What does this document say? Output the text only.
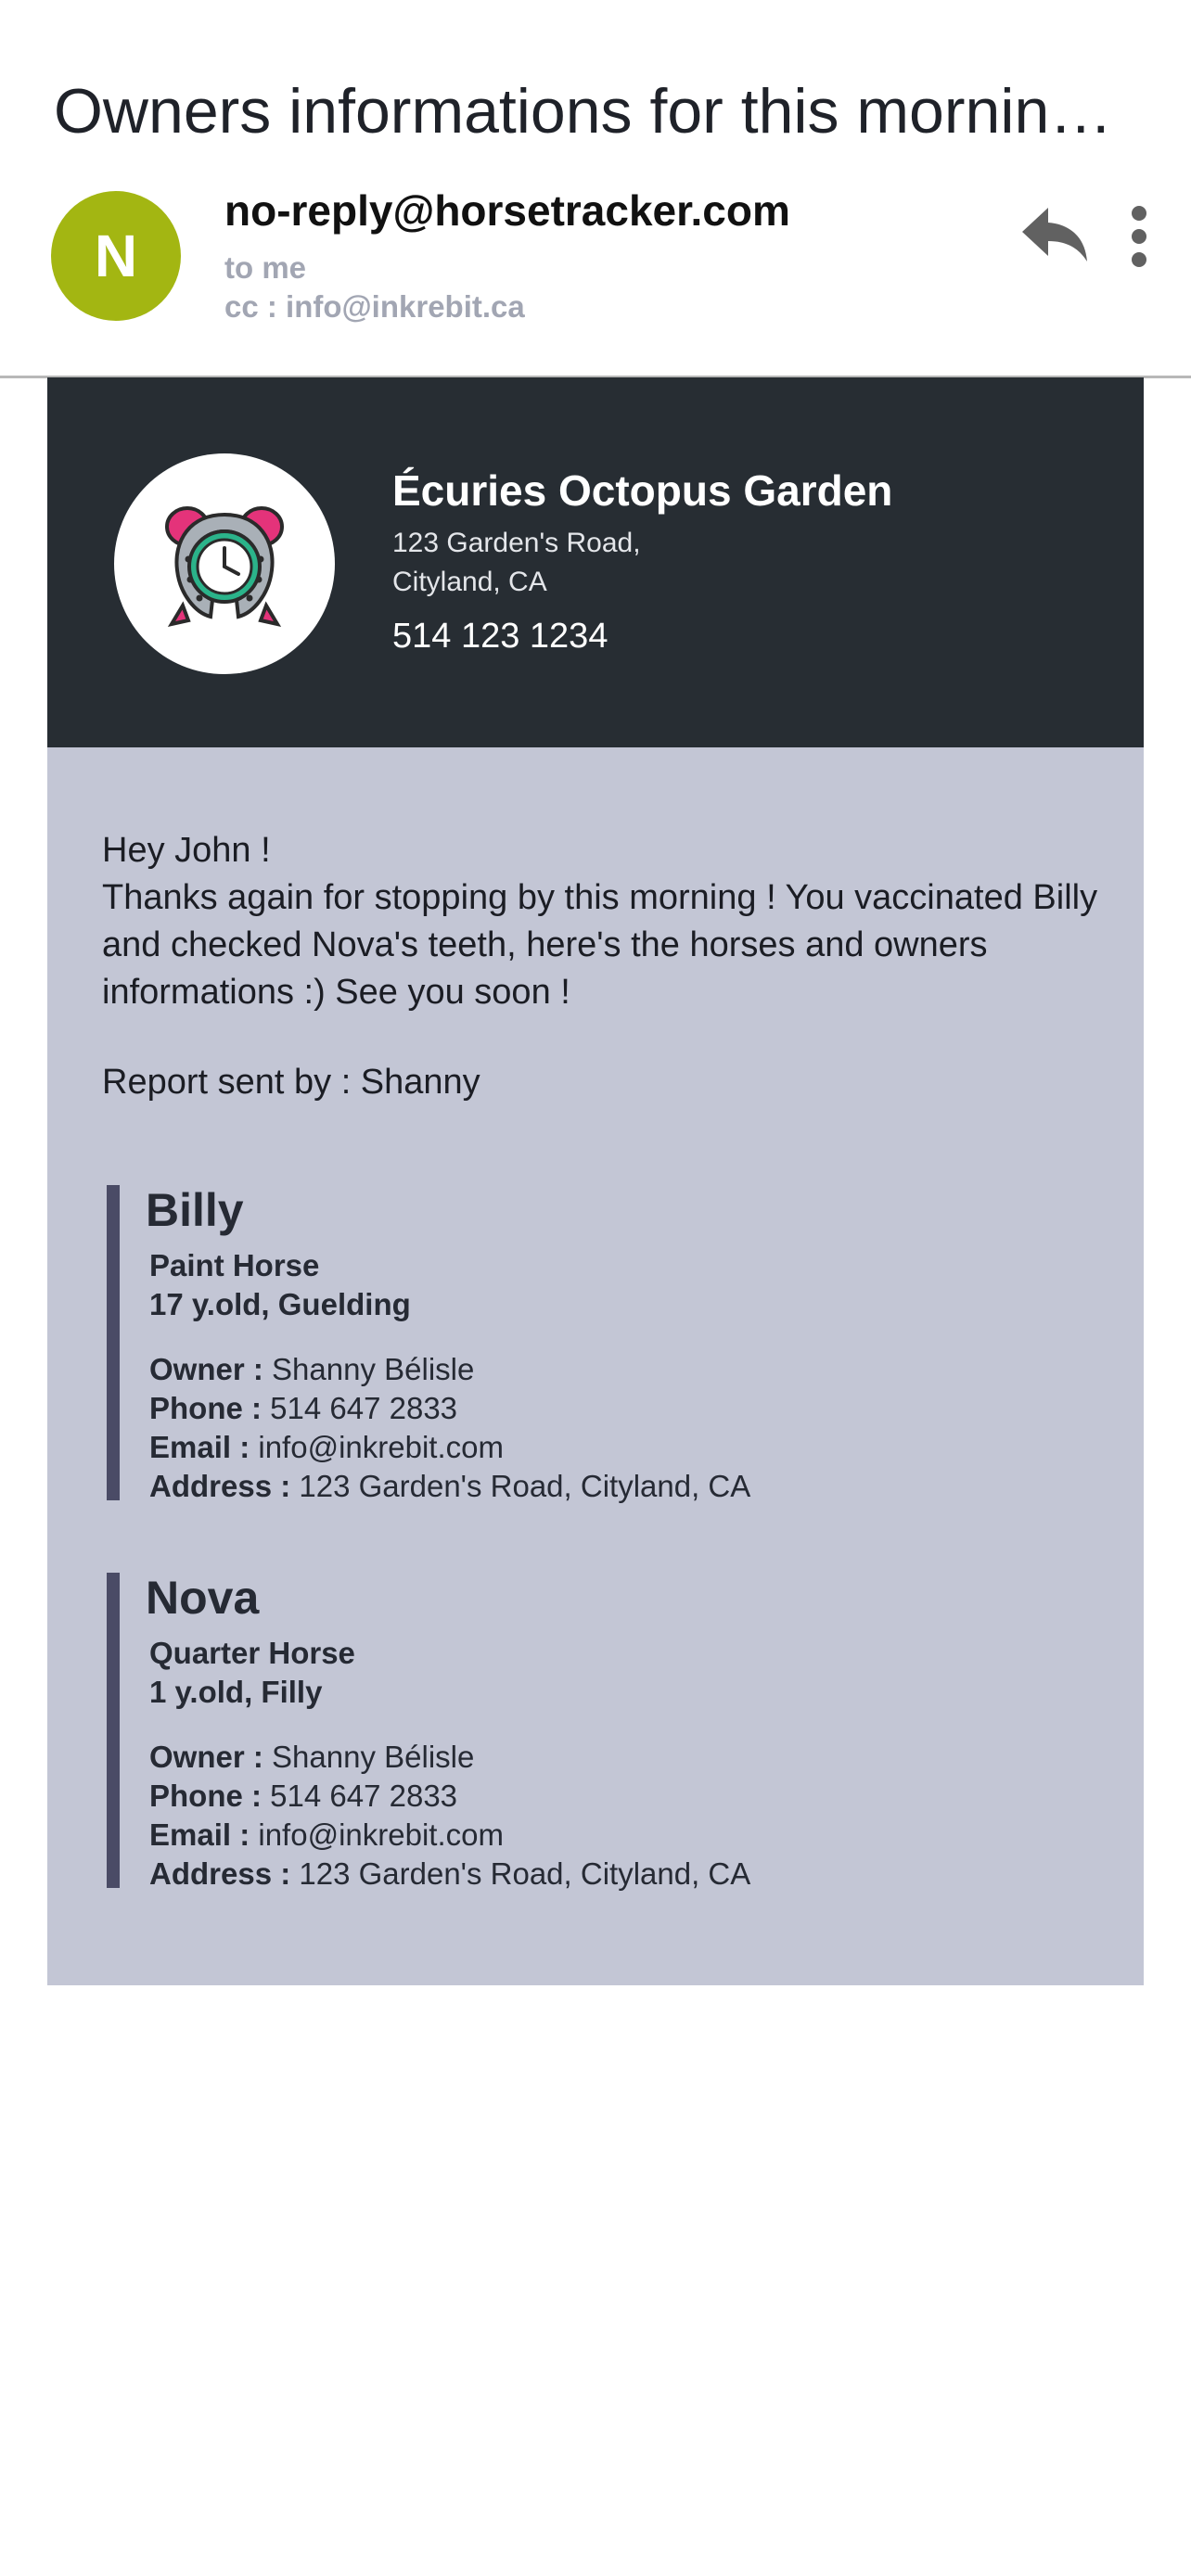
Owners informations for this mornin…
N
no-reply@horsetracker.com
to me
cc : info@inkrebit.ca
Écuries Octopus Garden
123 Garden's Road,
Cityland, CA
514 123 1234

Hey John !

Thanks again for stopping by this morning ! You vaccinated Billy and checked Nova's teeth, here's the horses and owners informations :) See you soon !

Report sent by : Shanny
Billy
Paint Horse
17 y.old, Guelding
Owner : Shanny Bélisle
Phone : 514 647 2833
Email : info@inkrebit.com
Address : 123 Garden's Road, Cityland, CA
Nova
Quarter Horse
1 y.old, Filly
Owner : Shanny Bélisle
Phone : 514 647 2833
Email : info@inkrebit.com
Address : 123 Garden's Road, Cityland, CA
